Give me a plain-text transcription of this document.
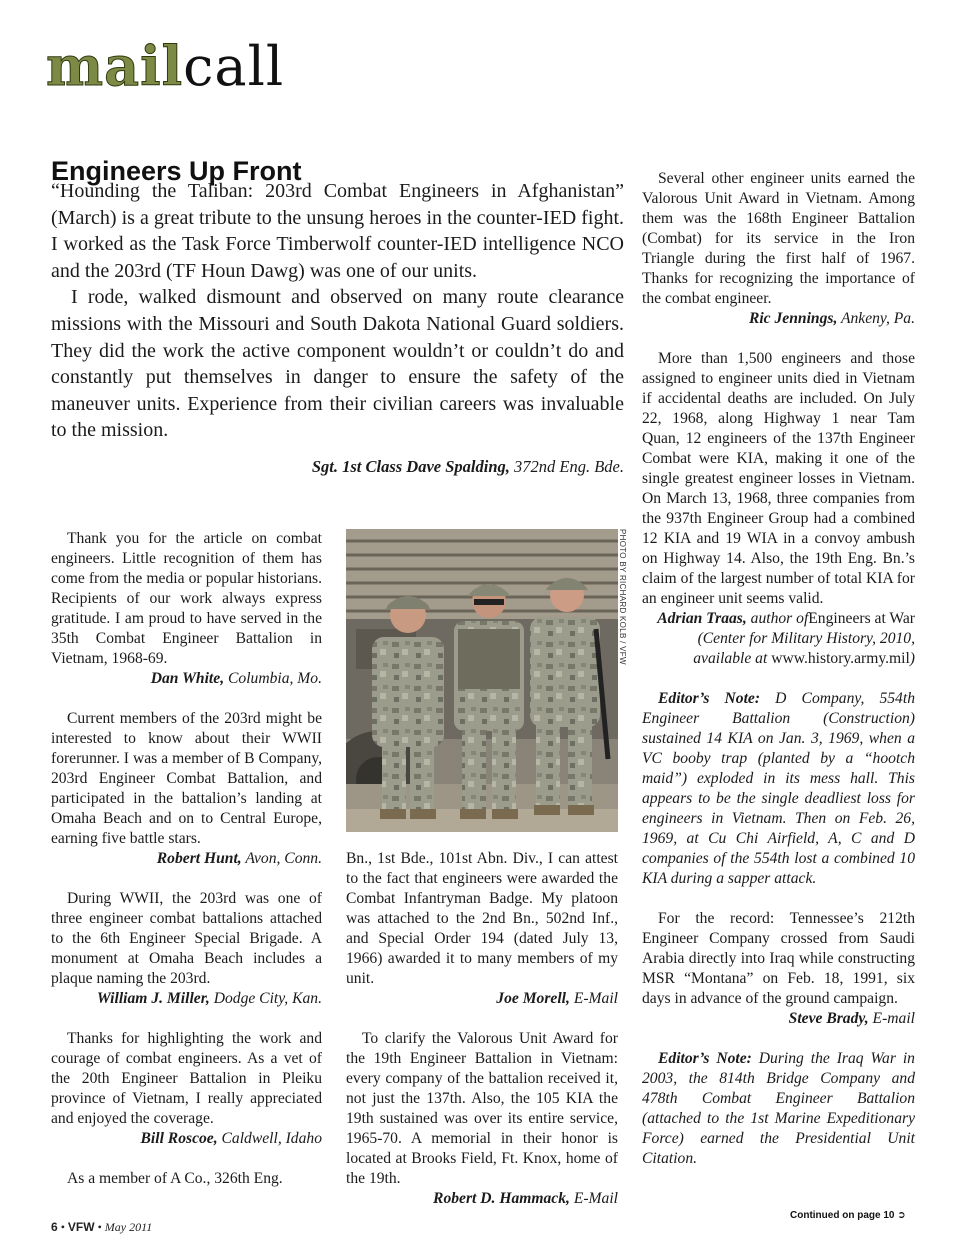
mailcall
Engineers Up Front

“Hounding the Taliban: 203rd Combat Engineers in Afghanistan” (March) is a great tribute to the unsung heroes in the counter-IED fight. I worked as the Task Force Timberwolf counter-IED intelligence NCO and the 203rd (TF Houn Dawg) was one of our units.

I rode, walked dismount and observed on many route clearance missions with the Missouri and South Dakota National Guard soldiers. They did the work the active component wouldn’t or couldn’t do and constantly put themselves in danger to ensure the safety of the maneuver units. Experience from their civilian careers was invaluable to the mission.

Sgt. 1st Class Dave Spalding, 372nd Eng. Bde.

Thank you for the article on combat engineers. Little recognition of them has come from the media or popular historians. Recipients of our work always express gratitude. I am proud to have served in the 35th Combat Engineer Battalion in Vietnam, 1968-69.

Dan White, Columbia, Mo.

Current members of the 203rd might be interested to know about their WWII forerunner. I was a member of B Company, 203rd Engineer Combat Battalion, and participated in the battalion’s landing at Omaha Beach and on to Central Europe, earning five battle stars.

Robert Hunt, Avon, Conn.

During WWII, the 203rd was one of three engineer combat battalions attached to the 6th Engineer Special Brigade. A monument at Omaha Beach includes a plaque naming the 203rd.

William J. Miller, Dodge City, Kan.

Thanks for highlighting the work and courage of combat engineers. As a vet of the 20th Engineer Battalion in Pleiku province of Vietnam, I really appreciated and enjoyed the coverage.

Bill Roscoe, Caldwell, Idaho

As a member of A Co., 326th Eng.

PHOTO BY RICHARD KOLB / VFW

Bn., 1st Bde., 101st Abn. Div., I can attest to the fact that engineers were awarded the Combat Infantryman Badge. My platoon was attached to the 2nd Bn., 502nd Inf., and Special Order 194 (dated July 13, 1966) awarded it to many members of my unit.

Joe Morell, E-Mail

To clarify the Valorous Unit Award for the 19th Engineer Battalion in Vietnam: every company of the battalion received it, not just the 137th. Also, the 105 KIA the 19th sustained was over its entire service, 1965-70. A memorial in their honor is located at Brooks Field, Ft. Knox, home of the 19th.

Robert D. Hammack, E-Mail

Several other engineer units earned the Valorous Unit Award in Vietnam. Among them was the 168th Engineer Battalion (Combat) for its service in the Iron Triangle during the first half of 1967. Thanks for recognizing the importance of the combat engineer.

Ric Jennings, Ankeny, Pa.

More than 1,500 engineers and those assigned to engineer units died in Vietnam if accidental deaths are included. On July 22, 1968, along Highway 1 near Tam Quan, 12 engineers of the 137th Engineer Combat were KIA, making it one of the single greatest engineer losses in Vietnam. On March 13, 1968, three companies from the 937th Engineer Group had a combined 12 KIA and 19 WIA in a convoy ambush on Highway 14. Also, the 19th Eng. Bn.’s claim of the largest number of total KIA for an engineer unit seems valid.

Adrian Traas, author ofEngineers at War (Center for Military History, 2010, available at www.history.army.mil)

Editor’s Note: D Company, 554th Engineer Battalion (Construction) sustained 14 KIA on Jan. 3, 1969, when a VC booby trap (planted by a “hootch maid”) exploded in its mess hall. This appears to be the single deadliest loss for engineers in Vietnam. Then on Feb. 26, 1969, at Cu Chi Airfield, A, C and D companies of the 554th lost a combined 10 KIA during a sapper attack.

For the record: Tennessee’s 212th Engineer Company crossed from Saudi Arabia directly into Iraq while constructing MSR “Montana” on Feb. 18, 1991, six days in advance of the ground campaign.

Steve Brady, E-mail

Editor’s Note: During the Iraq War in 2003, the 814th Bridge Company and 478th Combat Engineer Battalion (attached to the 1st Marine Expeditionary Force) earned the Presidential Unit Citation.

Continued on page 10 ➲
6 • VFW • May 2011
